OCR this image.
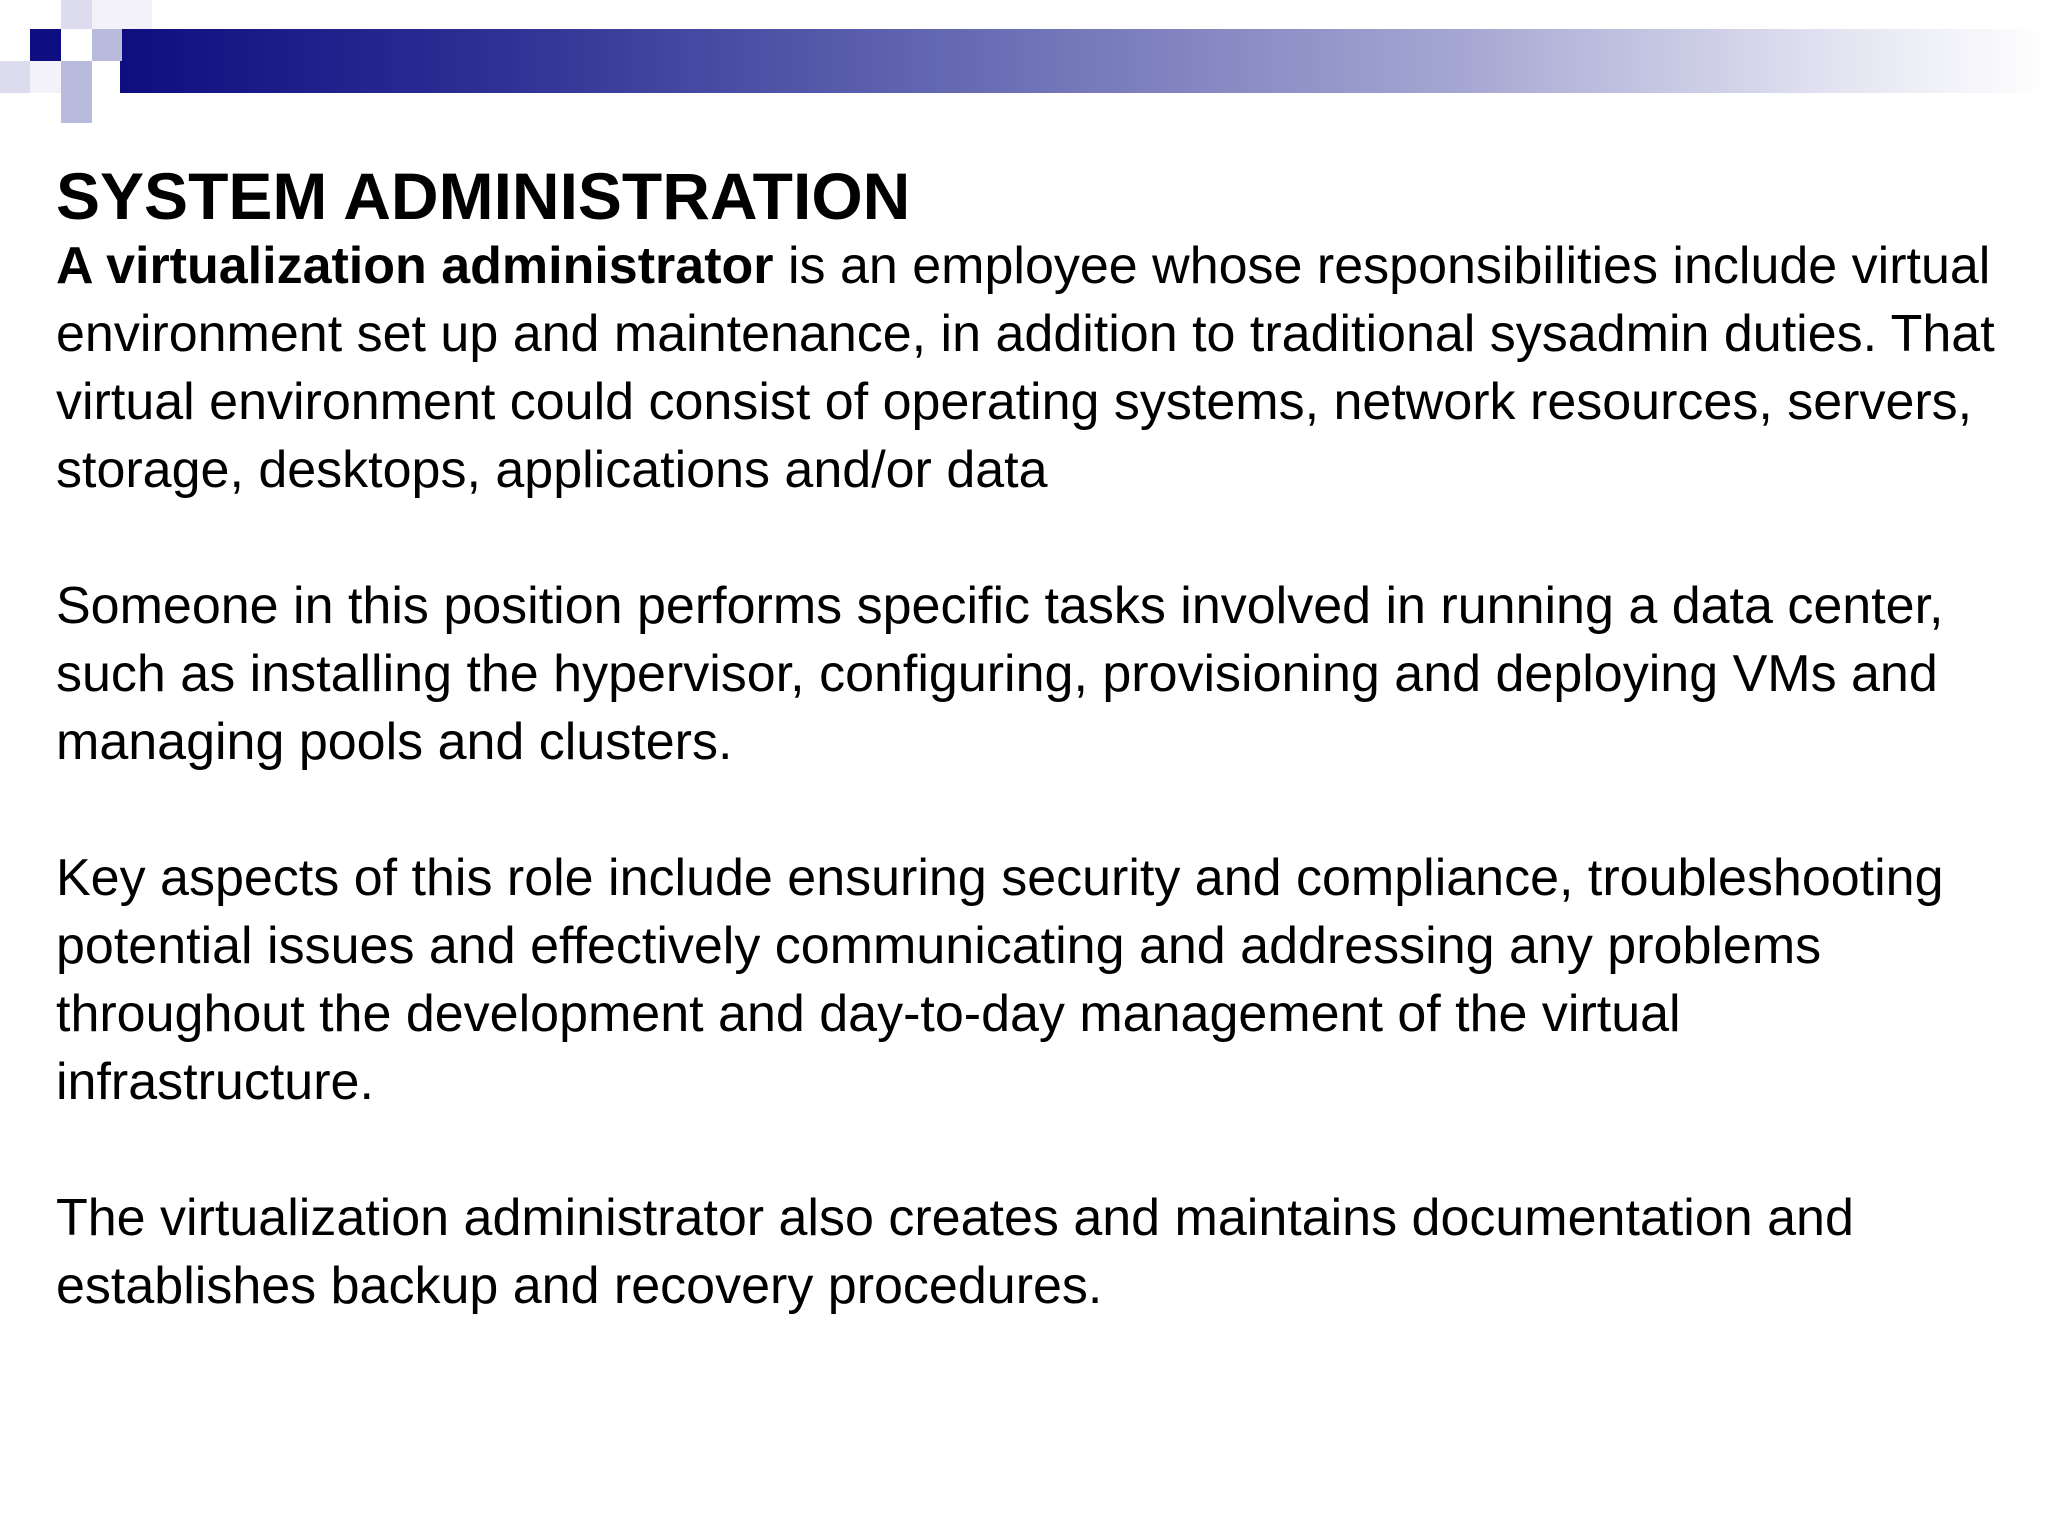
SYSTEM ADMINISTRATION

A virtualization administrator is an employee whose responsibilities include virtual environment set up and maintenance, in addition to traditional sysadmin duties. That virtual environment could consist of operating systems, network resources, servers, storage, desktops, applications and/or data

Someone in this position performs specific tasks involved in running a data center, such as installing the hypervisor, configuring, provisioning and deploying VMs and managing pools and clusters.

Key aspects of this role include ensuring security and compliance, troubleshooting potential issues and effectively communicating and addressing any problems throughout the development and day-to-day management of the virtual infrastructure.

The virtualization administrator also creates and maintains documentation and establishes backup and recovery procedures.
